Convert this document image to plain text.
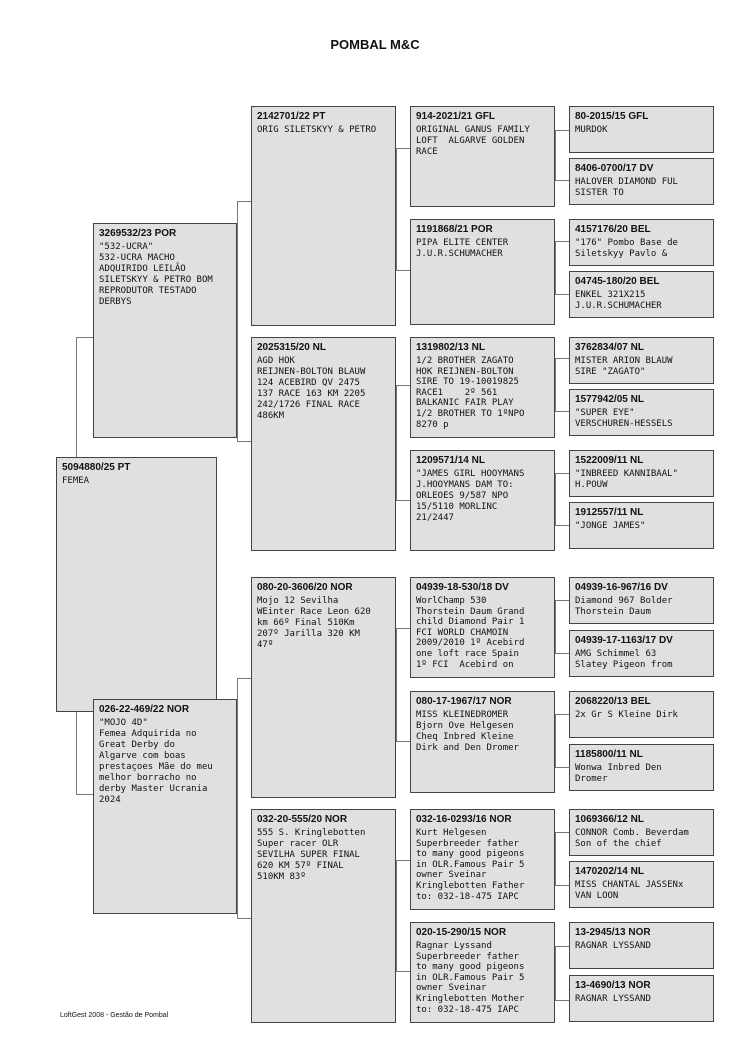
POMBAL M&C
5094880/25 PT
FEMEA
3269532/23 POR
"532-UCRA"
532-UCRA MACHO
ADQUIRIDO LEILÃO
SILETSKYY & PETRO BOM
REPRODUTOR TESTADO
DERBYS
026-22-469/22 NOR
"MOJO 4D"
Femea Adquirida no
Great Derby do
Algarve com boas
prestaçoes Mãe do meu
melhor borracho no
derby Master Ucrania
2024
2142701/22 PT
ORIG SILETSKYY & PETRO
2025315/20 NL
AGD HOK
REIJNEN-BOLTON BLAUW
124 ACEBIRD QV 2475
137 RACE 163 KM 2205
242/1726 FINAL RACE
486KM
080-20-3606/20 NOR
Mojo 12 Sevilha
WEinter Race Leon 620
km 66º Final 510Km
207º Jarilla 320 KM
47º
032-20-555/20 NOR
555 S. Kringlebotten
Super racer OLR
SEVILHA SUPER FINAL
620 KM 57º FINAL
510KM 83º
914-2021/21 GFL
ORIGINAL GANUS FAMILY
LOFT  ALGARVE GOLDEN
RACE
1191868/21 POR
PIPA ELITE CENTER
J.U.R.SCHUMACHER
1319802/13 NL
1/2 BROTHER ZAGATO
HOK REIJNEN-BOLTON
SIRE TO 19-10019825
RACE1    2º 561
BALKANIC FAIR PLAY
1/2 BROTHER TO 1ºNPO
8270 p
1209571/14 NL
"JAMES GIRL HOOYMANS
J.HOOYMANS DAM TO:
ORLEOES 9/587 NPO
15/5110 MORLINC
21/2447
04939-18-530/18 DV
WorlChamp 530
Thorstein Daum Grand
child Diamond Pair 1
FCI WORLD CHAMOIN
2009/2010 1º Acebird
one loft race Spain
1º FCI  Acebird on
080-17-1967/17 NOR
MISS KLEINEDROMER
Bjorn Ove Helgesen
Cheq Inbred Kleine
Dirk and Den Dromer
032-16-0293/16 NOR
Kurt Helgesen
Superbreeder father
to many good pigeons
in OLR.Famous Pair 5
owner Sveinar
Kringlebotten Father
to: 032-18-475 IAPC
020-15-290/15 NOR
Ragnar Lyssand
Superbreeder father
to many good pigeons
in OLR.Famous Pair 5
owner Sveinar
Kringlebotten Mother
to: 032-18-475 IAPC
80-2015/15 GFL
MURDOK
8406-0700/17 DV
HALOVER DIAMOND FUL
SISTER TO
4157176/20 BEL
"176" Pombo Base de
Siletskyy Pavlo &
04745-180/20 BEL
ENKEL 321X215
J.U.R.SCHUMACHER
3762834/07 NL
MISTER ARION BLAUW
SIRE "ZAGATO"
1577942/05 NL
"SUPER EYE"
VERSCHUREN-HESSELS
1522009/11 NL
"INBREED KANNIBAAL"
H.POUW
1912557/11 NL
"JONGE JAMES"
04939-16-967/16 DV
Diamond 967 Bolder
Thorstein Daum
04939-17-1163/17 DV
AMG Schimmel 63
Slatey Pigeon from
2068220/13 BEL
2x Gr S Kleine Dirk
1185800/11 NL
Wonwa Inbred Den
Dromer
1069366/12 NL
CONNOR Comb. Beverdam
Son of the chief
1470202/14 NL
MISS CHANTAL JASSENx
VAN LOON
13-2945/13 NOR
RAGNAR LYSSAND
13-4690/13 NOR
RAGNAR LYSSAND
LoftGest 2008 - Gestão de Pombal
